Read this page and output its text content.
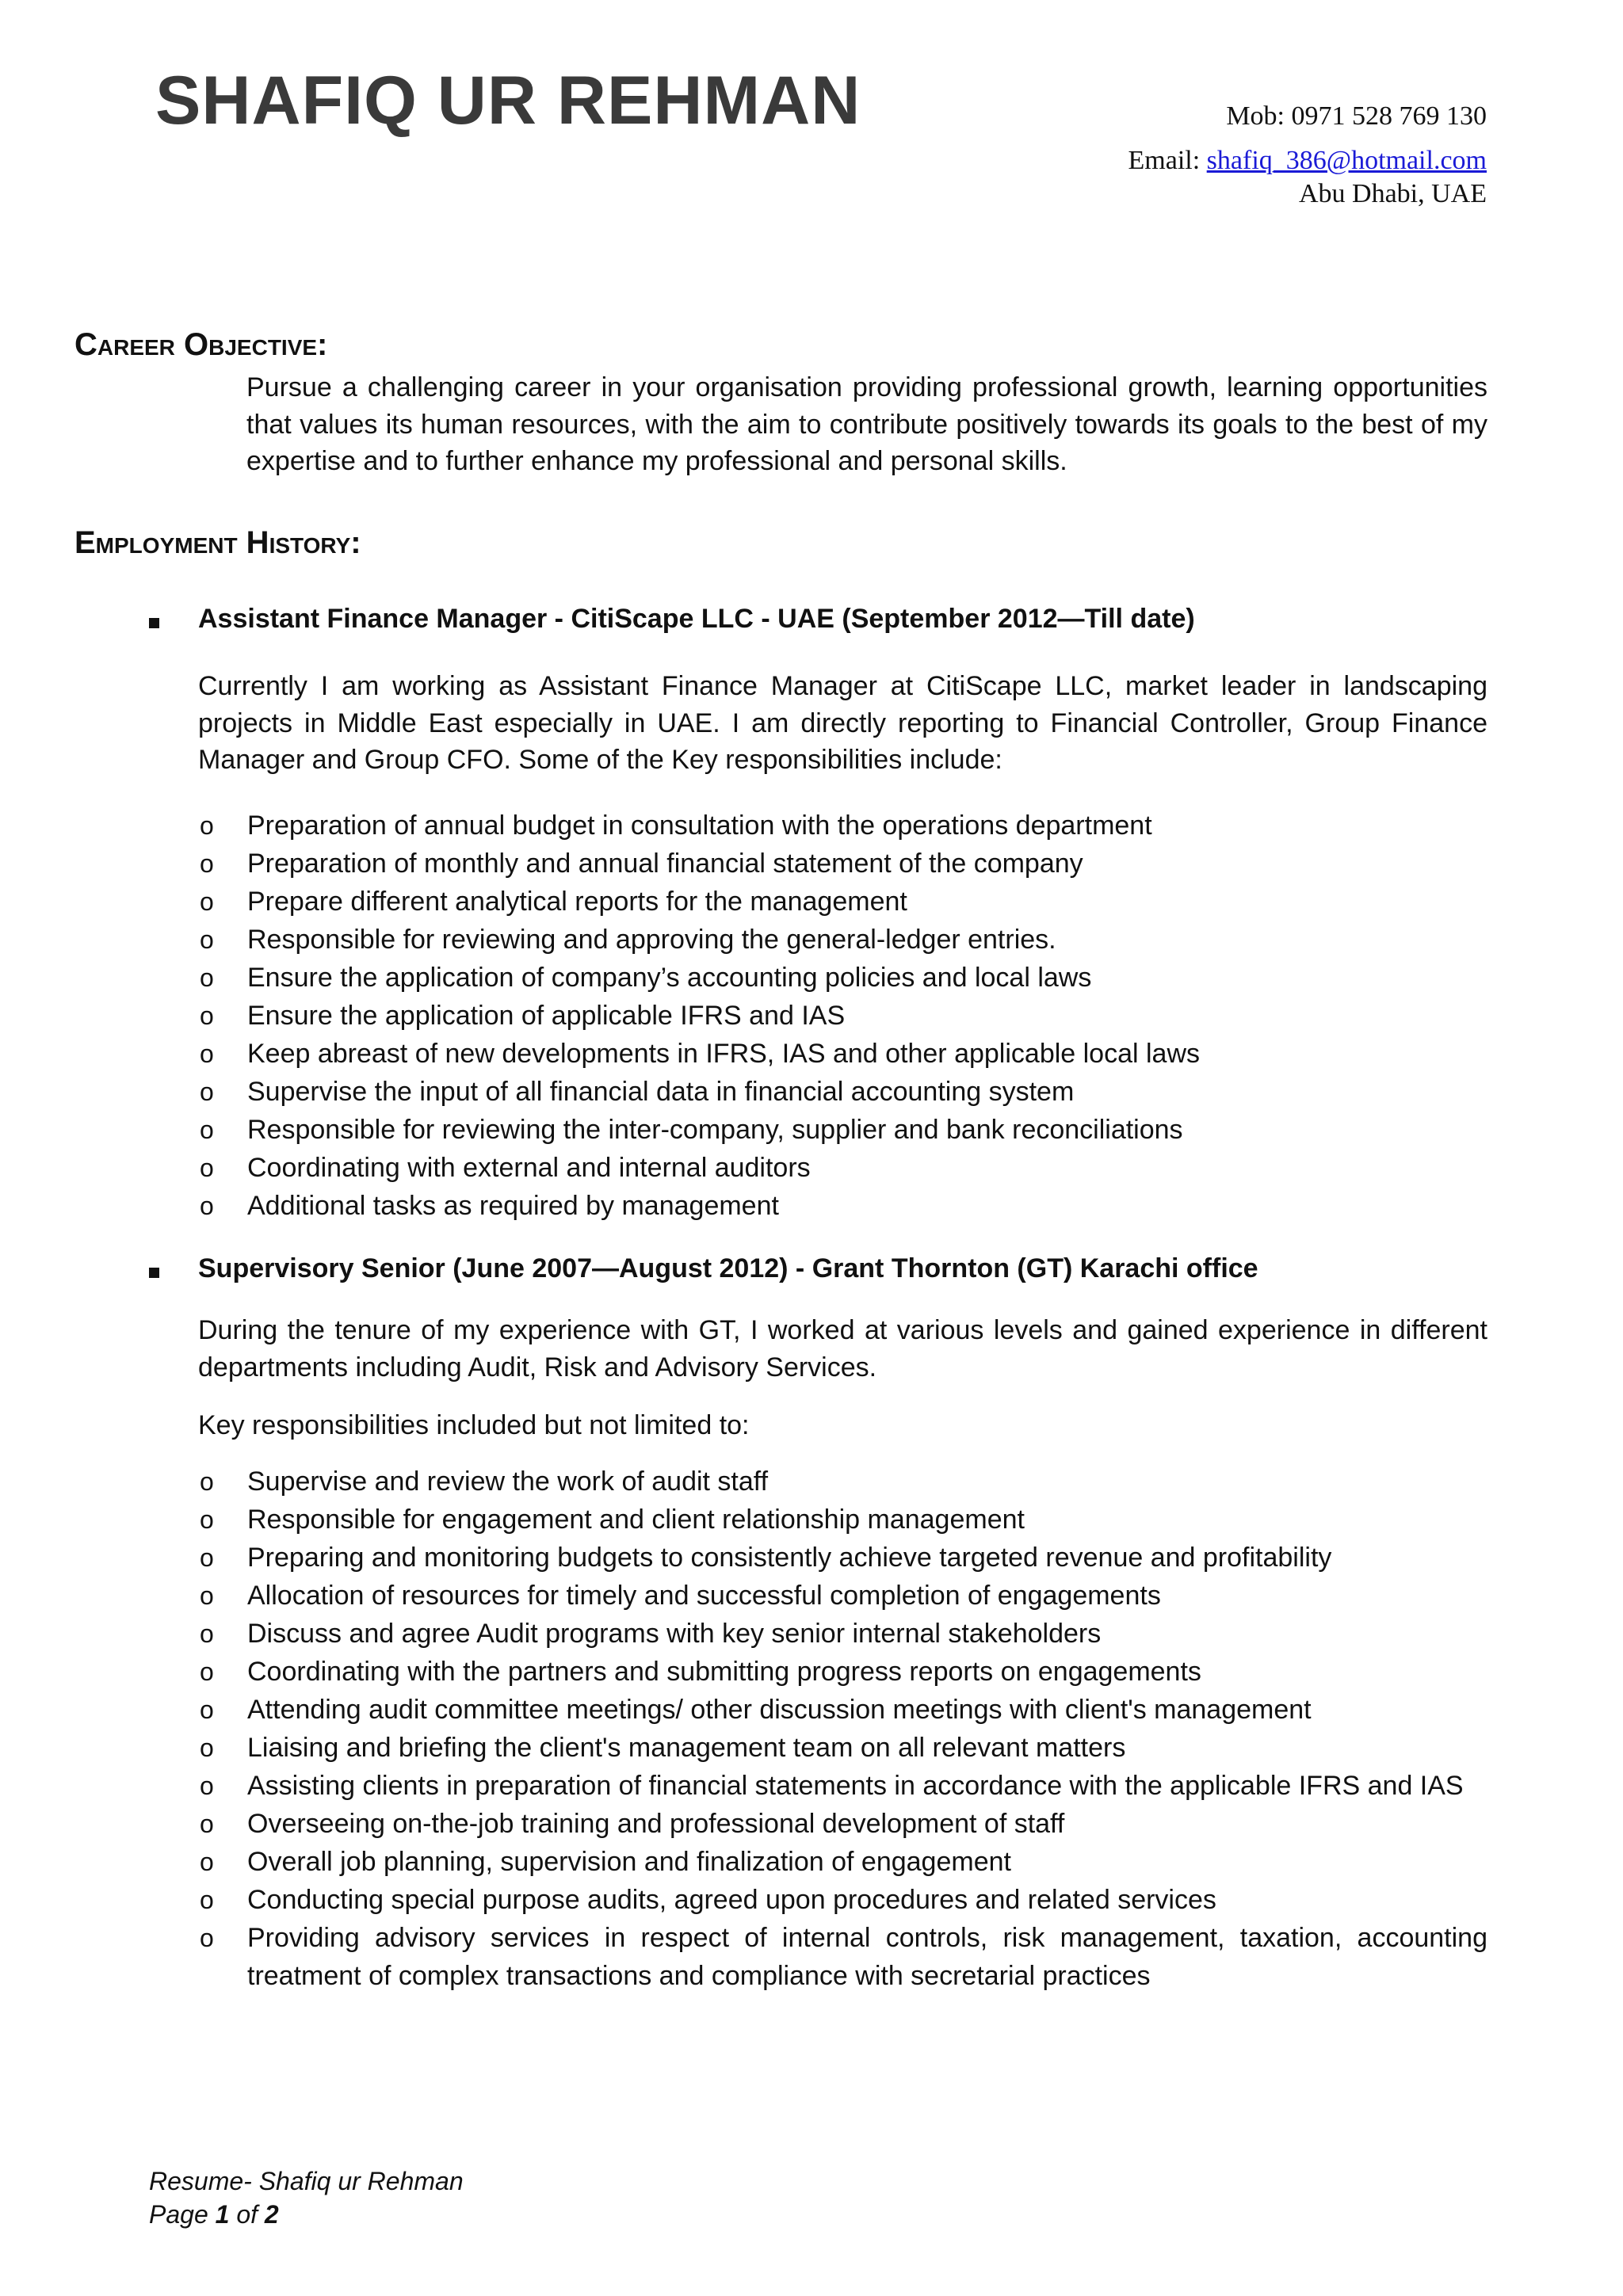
SHAFIQ UR REHMAN	Mob: 0971 528 769 130
Email: shafiq_386@hotmail.com
Abu Dhabi, UAE
Career Objective:

Pursue a challenging career in your organisation providing professional growth, learning opportunities that values its human resources, with the aim to contribute positively towards its goals to the best of my expertise and to further enhance my professional and personal skills.

Employment History:
Assistant Finance Manager - CitiScape LLC - UAE (September 2012—Till date)

Currently I am working as Assistant Finance Manager at CitiScape LLC, market leader in landscaping projects in Middle East especially in UAE. I am directly reporting to Financial Controller, Group Finance Manager and Group CFO. Some of the Key responsibilities include:

o Preparation of annual budget in consultation with the operations department
o Preparation of monthly and annual financial statement of the company
o Prepare different analytical reports for the management
o Responsible for reviewing and approving the general-ledger entries.
o Ensure the application of company’s accounting policies and local laws
o Ensure the application of applicable IFRS and IAS
o Keep abreast of new developments in IFRS, IAS and other applicable local laws
o Supervise the input of all financial data in financial accounting system
o Responsible for reviewing the inter-company, supplier and bank reconciliations
o Coordinating with external and internal auditors
o Additional tasks as required by management
Supervisory Senior (June 2007—August 2012) - Grant Thornton (GT) Karachi office

During the tenure of my experience with GT, I worked at various levels and gained experience in different departments including Audit, Risk and Advisory Services.

Key responsibilities included but not limited to:

o Supervise and review the work of audit staff
o Responsible for engagement and client relationship management
o Preparing and monitoring budgets to consistently achieve targeted revenue and profitability
o Allocation of resources for timely and successful completion of engagements
o Discuss and agree Audit programs with key senior internal stakeholders
o Coordinating with the partners and submitting progress reports on engagements
o Attending audit committee meetings/ other discussion meetings with client's management
o Liaising and briefing the client's management team on all relevant matters
o Assisting clients in preparation of financial statements in accordance with the applicable IFRS and IAS
o Overseeing on-the-job training and professional development of staff
o Overall job planning, supervision and finalization of engagement
o Conducting special purpose audits, agreed upon procedures and related services
o Providing advisory services in respect of internal controls, risk management, taxation, accounting treatment of complex transactions and compliance with secretarial practices
Resume- Shafiq ur Rehman
Page 1 of 2
